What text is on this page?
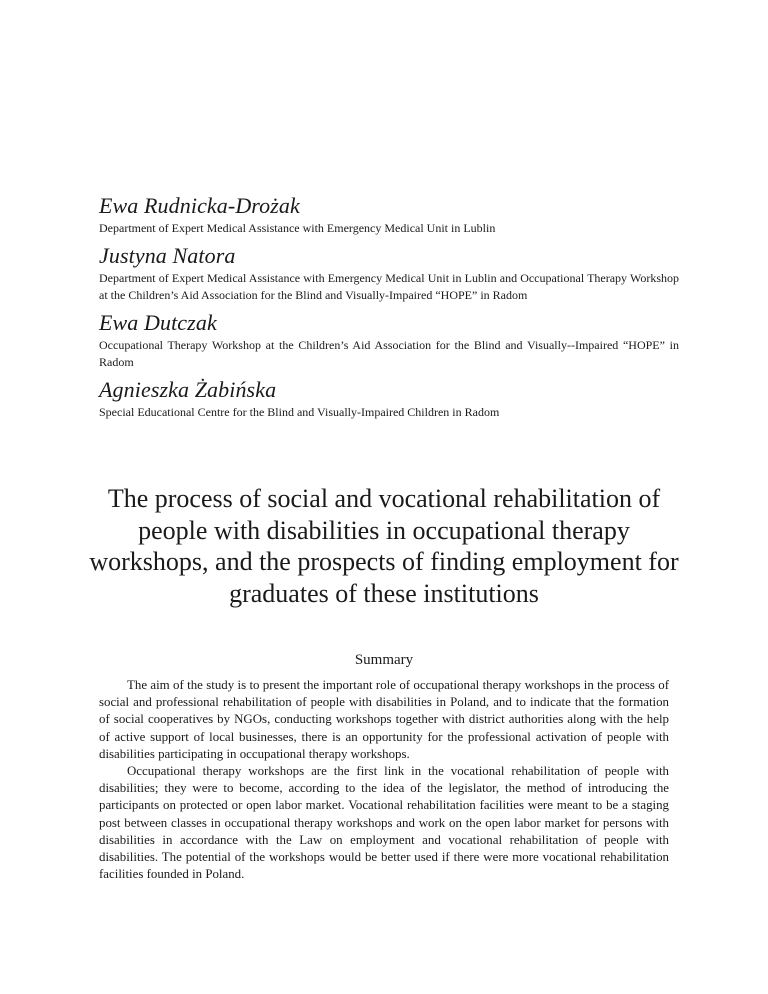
Ewa Rudnicka-Drożak

Department of Expert Medical Assistance with Emergency Medical Unit in Lublin

Justyna Natora

Department of Expert Medical Assistance with Emergency Medical Unit in Lublin and Occupational Therapy Workshop at the Children’s Aid Association for the Blind and Visually-Impaired “HOPE” in Radom

Ewa Dutczak

Occupational Therapy Workshop at the Children’s Aid Association for the Blind and Visually--Impaired “HOPE” in Radom

Agnieszka Żabińska

Special Educational Centre for the Blind and Visually-Impaired Children in Radom

The process of social and vocational rehabilitation of people with disabilities in occupational therapy workshops, and the prospects of finding employment for graduates of these institutions
Summary

The aim of the study is to present the important role of occupational therapy workshops in the process of social and professional rehabilitation of people with disabilities in Poland, and to indicate that the formation of social cooperatives by NGOs, conducting workshops together with district authorities along with the help of active support of local businesses, there is an opportunity for the professional activation of people with disabilities participating in occupational therapy workshops.

Occupational therapy workshops are the first link in the vocational rehabilitation of people with disabilities; they were to become, according to the idea of the legislator, the method of introducing the participants on protected or open labor market. Vocational rehabilitation facilities were meant to be a staging post between classes in occupational therapy workshops and work on the open labor market for persons with disabilities in accordance with the Law on employment and vocational rehabilitation of people with disabilities. The potential of the workshops would be better used if there were more vocational rehabilitation facilities founded in Poland.
